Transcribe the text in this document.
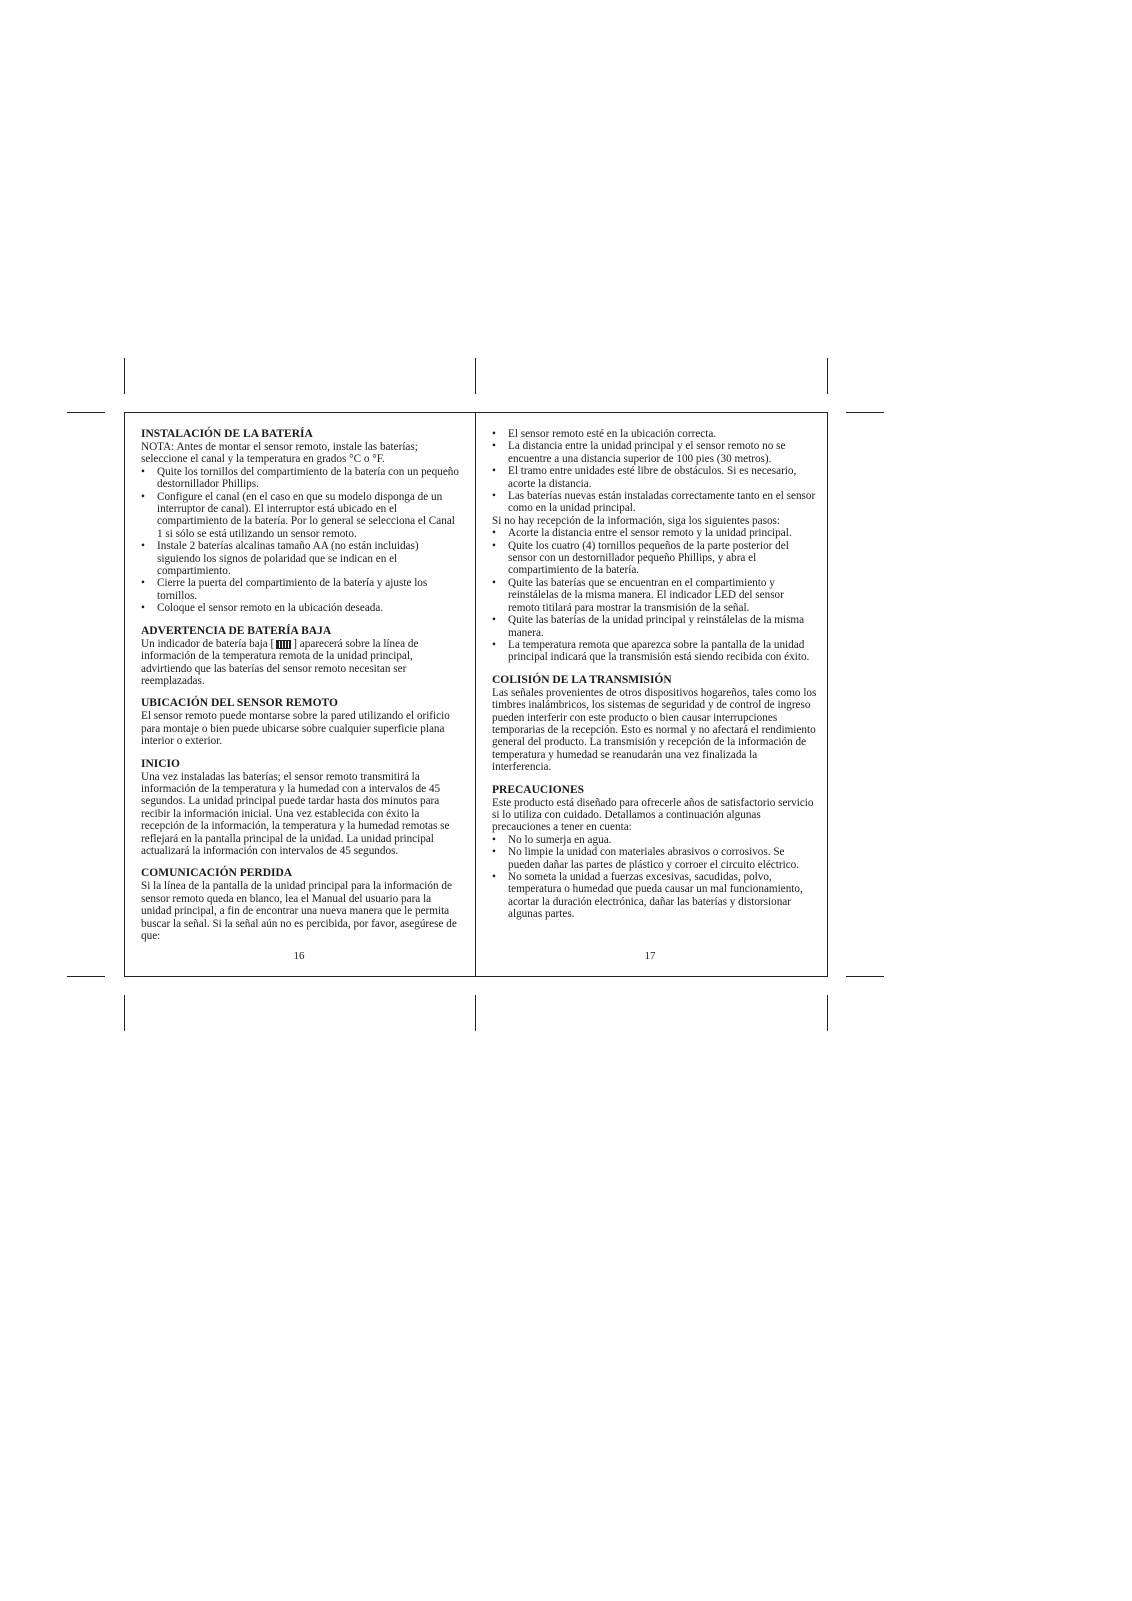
INSTALACIÓN DE LA BATERÍA

NOTA: Antes de montar el sensor remoto, instale las baterías; seleccione el canal y la temperatura en grados °C o °F.

• Quite los tornillos del compartimiento de la batería con un pequeño destornillador Phillips.
• Configure el canal (en el caso en que su modelo disponga de un interruptor de canal). El interruptor está ubicado en el compartimiento de la batería. Por lo general se selecciona el Canal 1 si sólo se está utilizando un sensor remoto.
• Instale 2 baterías alcalinas tamaño AA (no están incluidas) siguiendo los signos de polaridad que se indican en el compartimiento.
• Cierre la puerta del compartimiento de la batería y ajuste los tornillos.
• Coloque el sensor remoto en la ubicación deseada.
ADVERTENCIA DE BATERÍA BAJA

Un indicador de batería baja [ ] aparecerá sobre la línea de información de la temperatura remota de la unidad principal, advirtiendo que las baterías del sensor remoto necesitan ser reemplazadas.

UBICACIÓN DEL SENSOR REMOTO

El sensor remoto puede montarse sobre la pared utilizando el orificio para montaje o bien puede ubicarse sobre cualquier superficie plana interior o exterior.

INICIO

Una vez instaladas las baterías; el sensor remoto transmitirá la información de la temperatura y la humedad con a intervalos de 45 segundos. La unidad principal puede tardar hasta dos minutos para recibir la información inicial. Una vez establecida con éxito la recepción de la información, la temperatura y la humedad remotas se reflejará en la pantalla principal de la unidad. La unidad principal actualizará la información con intervalos de 45 segundos.

COMUNICACIÓN PERDIDA

Si la línea de la pantalla de la unidad principal para la información de sensor remoto queda en blanco, lea el Manual del usuario para la unidad principal, a fin de encontrar una nueva manera que le permita buscar la señal. Si la señal aún no es percibida, por favor, asegúrese de que:

16
• El sensor remoto esté en la ubicación correcta.
• La distancia entre la unidad principal y el sensor remoto no se encuentre a una distancia superior de 100 pies (30 metros).
• El tramo entre unidades esté libre de obstáculos. Si es necesario, acorte la distancia.
• Las baterías nuevas están instaladas correctamente tanto en el sensor como en la unidad principal.

Si no hay recepción de la información, siga los siguientes pasos:

• Acorte la distancia entre el sensor remoto y la unidad principal.
• Quite los cuatro (4) tornillos pequeños de la parte posterior del sensor con un destornillador pequeño Phillips, y abra el compartimiento de la batería.
• Quite las baterías que se encuentran en el compartimiento y reinstálelas de la misma manera. El indicador LED del sensor remoto titilará para mostrar la transmisión de la señal.
• Quite las baterías de la unidad principal y reinstálelas de la misma manera.
• La temperatura remota que aparezca sobre la pantalla de la unidad principal indicará que la transmisión está siendo recibida con éxito.
COLISIÓN DE LA TRANSMISIÓN

Las señales provenientes de otros dispositivos hogareños, tales como los timbres inalámbricos, los sistemas de seguridad y de control de ingreso pueden interferir con este producto o bien causar interrupciones temporarias de la recepción. Esto es normal y no afectará el rendimiento general del producto. La transmisión y recepción de la información de temperatura y humedad se reanudarán una vez finalizada la interferencia.

PRECAUCIONES

Este producto está diseñado para ofrecerle años de satisfactorio servicio si lo utiliza con cuidado. Detallamos a continuación algunas precauciones a tener en cuenta:

• No lo sumerja en agua.
• No limpie la unidad con materiales abrasivos o corrosivos. Se pueden dañar las partes de plástico y corroer el circuito eléctrico.
• No someta la unidad a fuerzas excesivas, sacudidas, polvo, temperatura o humedad que pueda causar un mal funcionamiento, acortar la duración electrónica, dañar las baterías y distorsionar algunas partes.
17
